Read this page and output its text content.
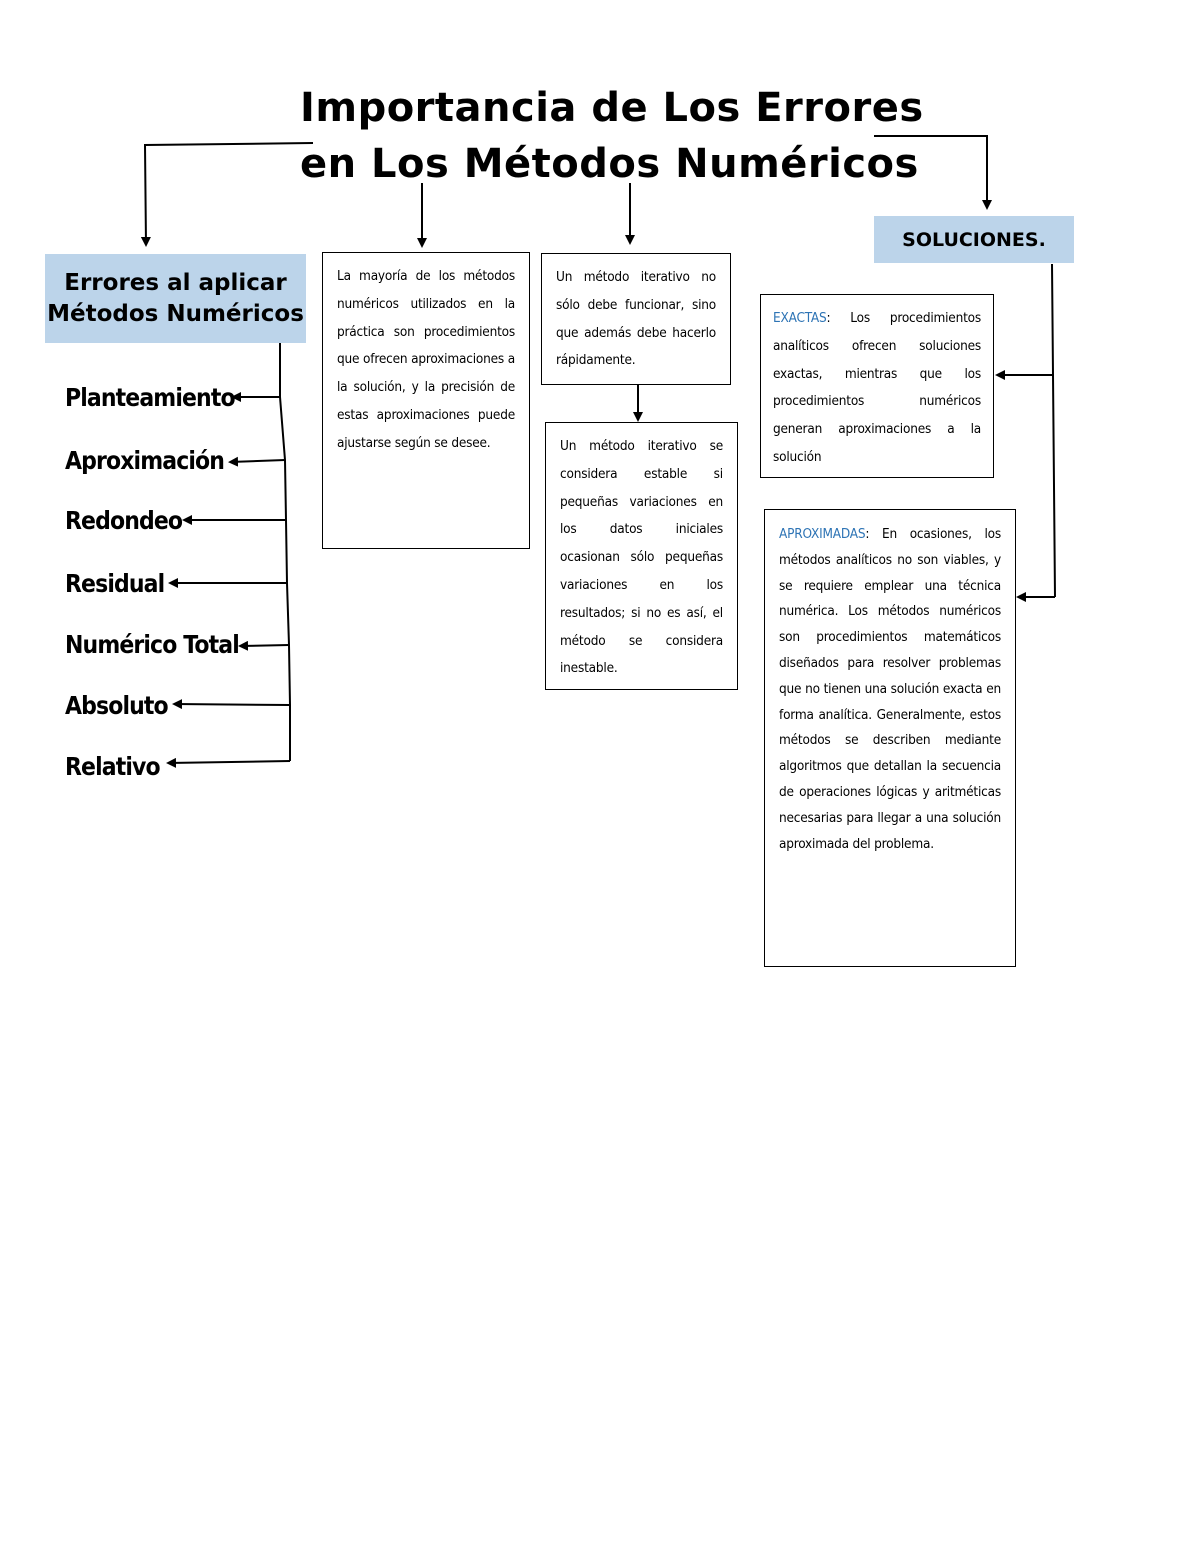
Importancia de Los Errores
en Los Métodos Numéricos
Errores al aplicar
Métodos Numéricos
Planteamiento
Aproximación
Redondeo
Residual
Numérico Total
Absoluto
Relativo

La mayoría de los métodos numéricos utilizados en la práctica son procedimientos que ofrecen aproximaciones a la solución, y la precisión de estas aproximaciones puede ajustarse según se desee.

Un método iterativo no sólo debe funcionar, sino que además debe hacerlo rápidamente.

Un método iterativo se considera estable si pequeñas variaciones en los datos iniciales ocasionan sólo pequeñas variaciones en los resultados; si no es así, el método se considera inestable.

SOLUCIONES.

EXACTAS: Los procedimientos analíticos ofrecen soluciones exactas, mientras que los procedimientos numéricos generan aproximaciones a la solución

APROXIMADAS: En ocasiones, los métodos analíticos no son viables, y se requiere emplear una técnica numérica. Los métodos numéricos son procedimientos matemáticos diseñados para resolver problemas que no tienen una solución exacta en forma analítica. Generalmente, estos métodos se describen mediante algoritmos que detallan la secuencia de operaciones lógicas y aritméticas necesarias para llegar a una solución aproximada del problema.
